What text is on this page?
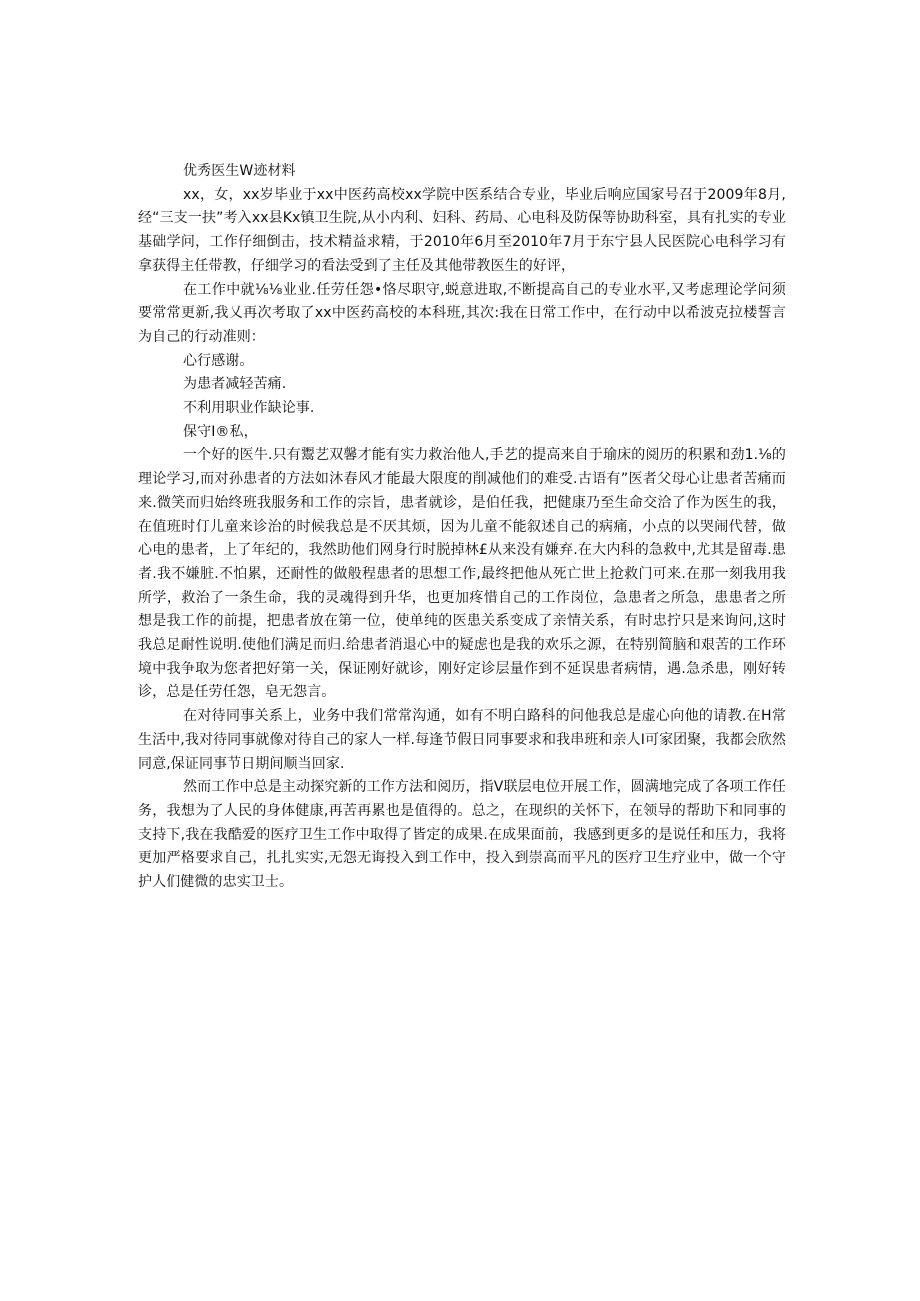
优秀医生W迹材料

xx，女，xx岁毕业于xx中医药高校xx学院中医系结合专业，毕业后响应国家号召于2009年8月,经“三支一扶”考入xx县Kx镇卫生院,从小内利、妇科、药局、心电科及防保等协助科室，具有扎实的专业基础学问，工作仔细倒击，技术精益求精，于2010年6月至2010年7月于东宁县人民医院心电科学习有拿获得主任带教，仔细学习的看法受到了主任及其他带教医生的好评，

在工作中就⅛⅛业业.任劳任怨•恪尽职守,蜕意进取,不断提高自己的专业水平,又考虑理论学问须要常常更新,我乂再次考取了xx中医药高校的本科班,其次:我在日常工作中，在行动中以希波克拉楼誓言为自己的行动准则：

心行感谢。

为患者减轻苦痛.

不利用职业作缺论事.

保守I®私，

一个好的医牛.只有鬻艺双馨才能有实力救治他人,手艺的提高来自于瑜床的阅历的积累和劲1.⅛的理论学习,而对孙患者的方法如沐春风才能最大限度的削减他们的难受.古语有”医者父母心让患者苦痛而来.微笑而归始终班我服务和工作的宗旨，患者就诊，是伯任我，把健康乃至生命交洽了作为医生的我，在值班时仃儿童来诊治的时候我总是不厌其烦，因为儿童不能叙述自己的病痛，小点的以哭闹代替，做心电的患者，上了年纪的，我然助他们网身行时脱掉林£从来没有嫌弃.在大内科的急救中,尤其是留毒.患者.我不嫌脏.不怕累，还耐性的做般程患者的思想工作,最终把他从死亡世上抢救门可来.在那一刻我用我所学，救治了一条生命，我的灵魂得到升华，也更加疼惜自己的工作岗位，急患者之所急，患患者之所想是我工作的前提，把患者放在第一位，使单纯的医患关系变成了亲情关系，有时忠拧只是来询问,这时我总足耐性说明.使他们满足而归.给患者消退心中的疑虑也是我的欢乐之源，在特别简脑和艰苦的工作环境中我争取为您者把好第一关，保证刚好就诊，刚好定诊层量作到不延误患者病情，遇.急杀患，刚好转诊，总是任劳任怨，皂无怨言。

在对待同事关系上，业务中我们常常沟通，如有不明白路科的问他我总是虚心向他的请教.在H常生活中,我对待同事就像对待自己的家人一样.每逢节假日同事要求和我串班和亲人I可家团聚，我都会欣然同意,保证同事节日期间顺当回家.

然而工作中总是主动探究新的工作方法和阅历，指V联层电位开展工作，圆满地完成了各项工作任务，我想为了人民的身体健康,再苦再累也是值得的。总之，在现织的关怀下，在领导的帮助下和同事的支持下,我在我酷爱的医疗卫生工作中取得了皆定的成果.在成果面前，我感到更多的是说任和压力，我将更加严格要求自己，扎扎实实,无怨无诲投入到工作中，投入到崇高而平凡的医疗卫生疗业中，做一个守护人们健微的忠实卫士。
